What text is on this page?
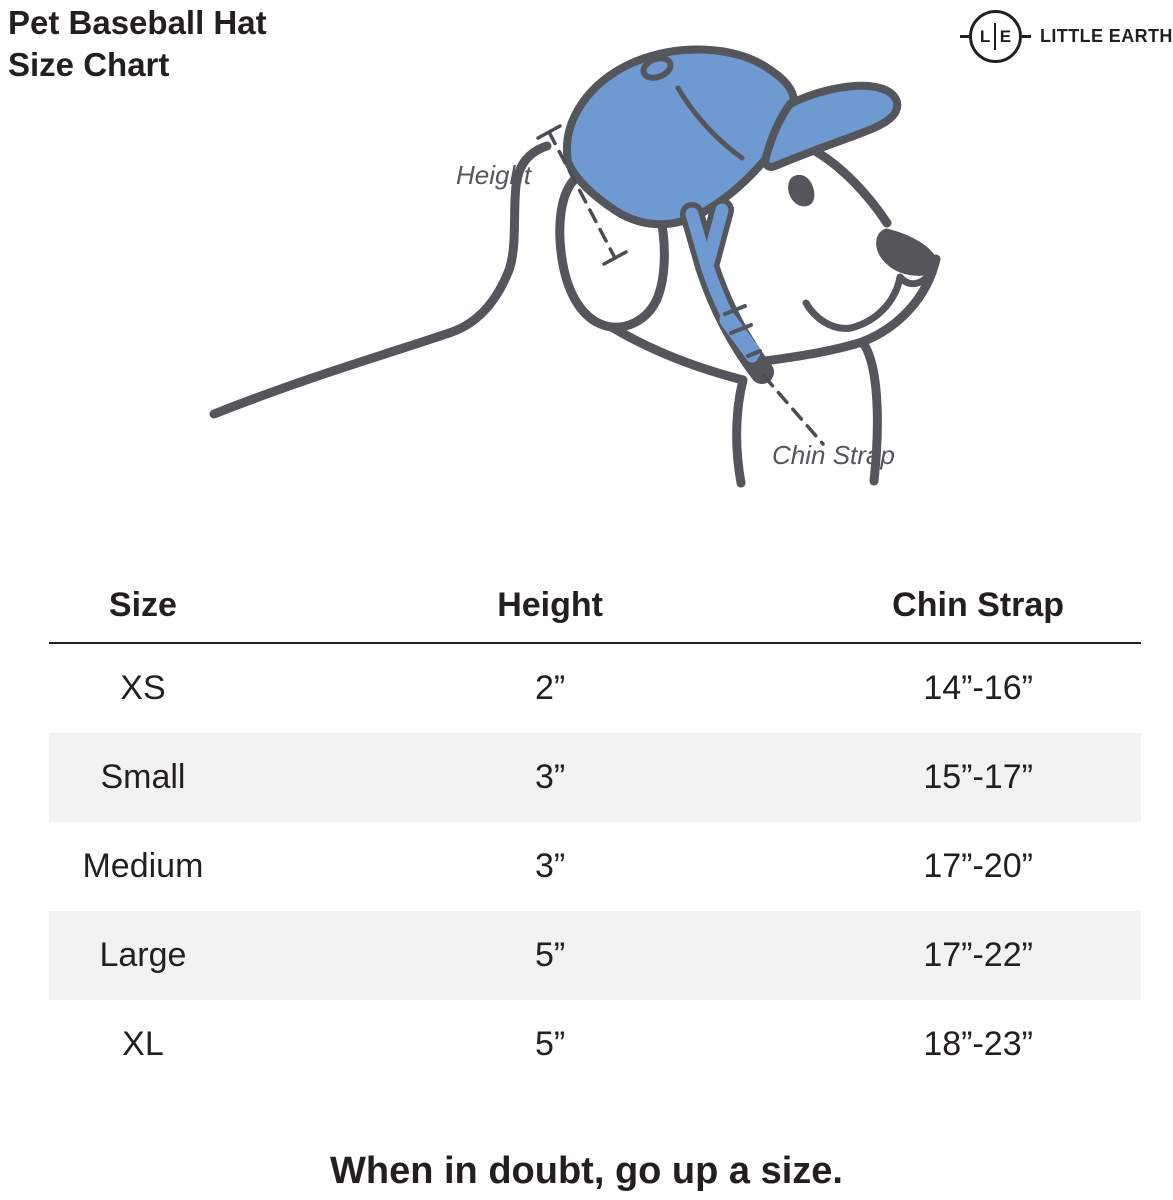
Pet Baseball Hat
Size Chart
L E LITTLE EARTH
Height
Chin Strap
Size	Height	Chin Strap
XS	2”	14”-16”
Small	3”	15”-17”
Medium	3”	17”-20”
Large	5”	17”-22”
XL	5”	18”-23”
When in doubt, go up a size.
